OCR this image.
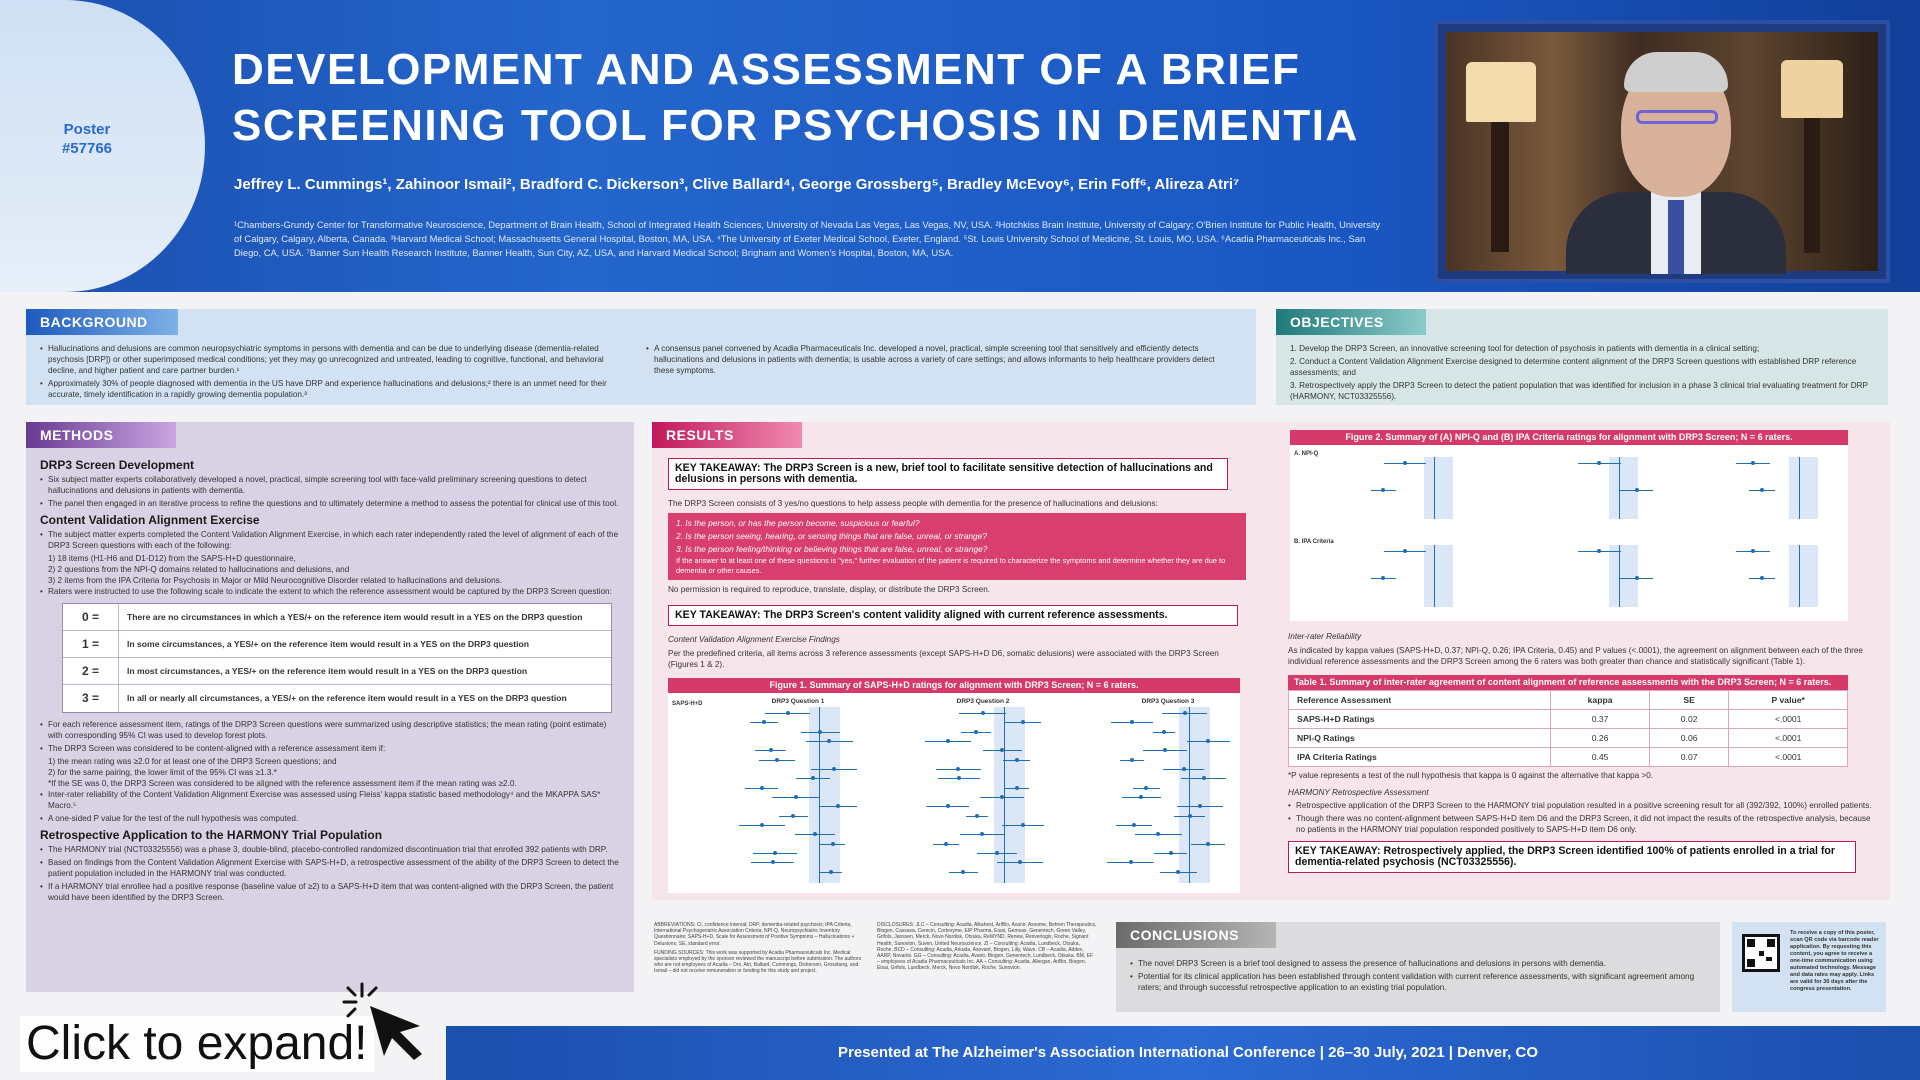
Poster
#57766
DEVELOPMENT AND ASSESSMENT OF A BRIEF
SCREENING TOOL FOR PSYCHOSIS IN DEMENTIA
Jeffrey L. Cummings¹, Zahinoor Ismail², Bradford C. Dickerson³, Clive Ballard⁴, George Grossberg⁵, Bradley McEvoy⁶, Erin Foff⁶, Alireza Atri⁷
¹Chambers-Grundy Center for Transformative Neuroscience, Department of Brain Health, School of Integrated Health Sciences, University of Nevada Las Vegas, Las Vegas, NV, USA. ²Hotchkiss Brain Institute, University of Calgary; O'Brien Institute for Public Health, University of Calgary, Calgary, Alberta, Canada. ³Harvard Medical School; Massachusetts General Hospital, Boston, MA, USA. ⁴The University of Exeter Medical School, Exeter, England. ⁵St. Louis University School of Medicine, St. Louis, MO, USA. ⁶Acadia Pharmaceuticals Inc., San Diego, CA, USA. ⁷Banner Sun Health Research Institute, Banner Health, Sun City, AZ, USA, and Harvard Medical School; Brigham and Women's Hospital, Boston, MA, USA.
BACKGROUND
• Hallucinations and delusions are common neuropsychiatric symptoms in persons with dementia and can be due to underlying disease (dementia-related psychosis [DRP]) or other superimposed medical conditions; yet they may go unrecognized and untreated, leading to cognitive, functional, and behavioral decline, and higher patient and care partner burden.¹
• Approximately 30% of people diagnosed with dementia in the US have DRP and experience hallucinations and delusions;² there is an unmet need for their accurate, timely identification in a rapidly growing dementia population.³
• A consensus panel convened by Acadia Pharmaceuticals Inc. developed a novel, practical, simple screening tool that sensitively and efficiently detects hallucinations and delusions in patients with dementia; is usable across a variety of care settings; and allows informants to help healthcare providers detect these symptoms.
OBJECTIVES
1. Develop the DRP3 Screen, an innovative screening tool for detection of psychosis in patients with dementia in a clinical setting;
2. Conduct a Content Validation Alignment Exercise designed to determine content alignment of the DRP3 Screen questions with established DRP reference assessments; and
3. Retrospectively apply the DRP3 Screen to detect the patient population that was identified for inclusion in a phase 3 clinical trial evaluating treatment for DRP (HARMONY, NCT03325556).
METHODS
DRP3 Screen Development
• Six subject matter experts collaboratively developed a novel, practical, simple screening tool with face-valid preliminary screening questions to detect hallucinations and delusions in patients with dementia.
• The panel then engaged in an iterative process to refine the questions and to ultimately determine a method to assess the potential for clinical use of this tool.
Content Validation Alignment Exercise
• The subject matter experts completed the Content Validation Alignment Exercise, in which each rater independently rated the level of alignment of each of the DRP3 Screen questions with each of the following:
1) 18 items (H1-H6 and D1-D12) from the SAPS-H+D questionnaire,
2) 2 questions from the NPI-Q domains related to hallucinations and delusions, and
3) 2 items from the IPA Criteria for Psychosis in Major or Mild Neurocognitive Disorder related to hallucinations and delusions.
• Raters were instructed to use the following scale to indicate the extent to which the reference assessment would be captured by the DRP3 Screen question:
0 =	There are no circumstances in which a YES/+ on the reference item would result in a YES on the DRP3 question
1 =	In some circumstances, a YES/+ on the reference item would result in a YES on the DRP3 question
2 =	In most circumstances, a YES/+ on the reference item would result in a YES on the DRP3 question
3 =	In all or nearly all circumstances, a YES/+ on the reference item would result in a YES on the DRP3 question
• For each reference assessment item, ratings of the DRP3 Screen questions were summarized using descriptive statistics; the mean rating (point estimate) with corresponding 95% CI was used to develop forest plots.
• The DRP3 Screen was considered to be content-aligned with a reference assessment item if:
1) the mean rating was ≥2.0 for at least one of the DRP3 Screen questions; and
2) for the same pairing, the lower limit of the 95% CI was ≥1.3.*
*If the SE was 0, the DRP3 Screen was considered to be aligned with the reference assessment item if the mean rating was ≥2.0.
• Inter-rater reliability of the Content Validation Alignment Exercise was assessed using Fleiss' kappa statistic based methodology⁴ and the MKAPPA SAS* Macro.⁵
• A one-sided P value for the test of the null hypothesis was computed.
Retrospective Application to the HARMONY Trial Population
• The HARMONY trial (NCT03325556) was a phase 3, double-blind, placebo-controlled randomized discontinuation trial that enrolled 392 patients with DRP.
• Based on findings from the Content Validation Alignment Exercise with SAPS-H+D, a retrospective assessment of the ability of the DRP3 Screen to detect the patient population included in the HARMONY trial was conducted.
• If a HARMONY trial enrollee had a positive response (baseline value of ≥2) to a SAPS-H+D item that was content-aligned with the DRP3 Screen, the patient would have been identified by the DRP3 Screen.
RESULTS
KEY TAKEAWAY: The DRP3 Screen is a new, brief tool to facilitate sensitive detection of hallucinations and delusions in persons with dementia.
The DRP3 Screen consists of 3 yes/no questions to help assess people with dementia for the presence of hallucinations and delusions:
1. Is the person, or has the person become, suspicious or fearful?
2. Is the person seeing, hearing, or sensing things that are false, unreal, or strange?
3. Is the person feeling/thinking or believing things that are false, unreal, or strange?
If the answer to at least one of these questions is "yes," further evaluation of the patient is required to characterize the symptoms and determine whether they are due to dementia or other causes.
No permission is required to reproduce, translate, display, or distribute the DRP3 Screen.
KEY TAKEAWAY: The DRP3 Screen's content validity aligned with current reference assessments.
Content Validation Alignment Exercise Findings
Per the predefined criteria, all items across 3 reference assessments (except SAPS-H+D D6, somatic delusions) were associated with the DRP3 Screen (Figures 1 & 2).
Figure 1. Summary of SAPS-H+D ratings for alignment with DRP3 Screen; N = 6 raters.
SAPS-H+D	DRP3 Question 1	DRP3 Question 2	DRP3 Question 3
Figure 2. Summary of (A) NPI-Q and (B) IPA Criteria ratings for alignment with DRP3 Screen; N = 6 raters.
A. NPI-Q
B. IPA Criteria
Inter-rater Reliability
As indicated by kappa values (SAPS-H+D, 0.37; NPI-Q, 0.26; IPA Criteria, 0.45) and P values (<.0001), the agreement on alignment between each of the three individual reference assessments and the DRP3 Screen among the 6 raters was both greater than chance and statistically significant (Table 1).
Table 1. Summary of inter-rater agreement of content alignment of reference assessments with the DRP3 Screen; N = 6 raters.
Reference Assessment	kappa	SE	P value*
SAPS-H+D Ratings	0.37	0.02	<.0001
NPI-Q Ratings	0.26	0.06	<.0001
IPA Criteria Ratings	0.45	0.07	<.0001
*P value represents a test of the null hypothesis that kappa is 0 against the alternative that kappa >0.
HARMONY Retrospective Assessment
• Retrospective application of the DRP3 Screen to the HARMONY trial population resulted in a positive screening result for all (392/392, 100%) enrolled patients.
• Though there was no content-alignment between SAPS-H+D item D6 and the DRP3 Screen, it did not impact the results of the retrospective analysis, because no patients in the HARMONY trial population responded positively to SAPS-H+D item D6 only.
KEY TAKEAWAY: Retrospectively applied, the DRP3 Screen identified 100% of patients enrolled in a trial for dementia-related psychosis (NCT03325556).
ABBREVIATIONS: CI, confidence interval; DRP, dementia-related psychosis; IPA Criteria, International Psychogeriatric Association Criteria; NPI-Q, Neuropsychiatric Inventory Questionnaire; SAPS-H+D, Scale for Assessment of Positive Symptoms – Hallucinations + Delusions; SE, standard error.
FUNDING SOURCES: This work was supported by Acadia Pharmaceuticals Inc. Medical specialists employed by the sponsor reviewed the manuscript before submission. The authors who are not employees of Acadia – Drs. Atri, Ballard, Cummings, Dickerson, Grossberg, and Ismail – did not receive remuneration or funding for this study and project.
DISCLOSURES: JLC – Consulting: Acadia, Alkahest, AriBio, Avanir, Axsome, Behren Therapeutics, Biogen, Cassava, Cerecin, Cortexyme, EIP Pharma, Eisai, Gemvax, Genentech, Green Valley, Grifols, Janssen, Merck, Novo Nordisk, Otsuka, ReMYND, Renew, Resverlogix, Roche, Signant Health, Sunovion, Suven, United Neuroscience. ZI – Consulting: Acadia, Lundbeck, Otsuka, Roche. BCD – Consulting: Acadia, Arkuda, Axovant, Biogen, Lilly, Wave. CB – Acadia, Addex, AARP, Novartis. GG – Consulting: Acadia, Avanir, Biogen, Genentech, Lundbeck, Otsuka. BM, EF – employees of Acadia Pharmaceuticals Inc. AA – Consulting: Acadia, Allergan, AriBio, Biogen, Eisai, Grifols, Lundbeck, Merck, Novo Nordisk, Roche, Sunovion.
CONCLUSIONS
• The novel DRP3 Screen is a brief tool designed to assess the presence of hallucinations and delusions in persons with dementia.
• Potential for its clinical application has been established through content validation with current reference assessments, with significant agreement among raters; and through successful retrospective application to an existing trial population.
To receive a copy of this poster, scan QR code via barcode reader application. By requesting this content, you agree to receive a one-time communication using automated technology. Message and data rates may apply. Links are valid for 30 days after the congress presentation.
Presented at The Alzheimer's Association International Conference | 26–30 July, 2021 | Denver, CO
Click to expand!
